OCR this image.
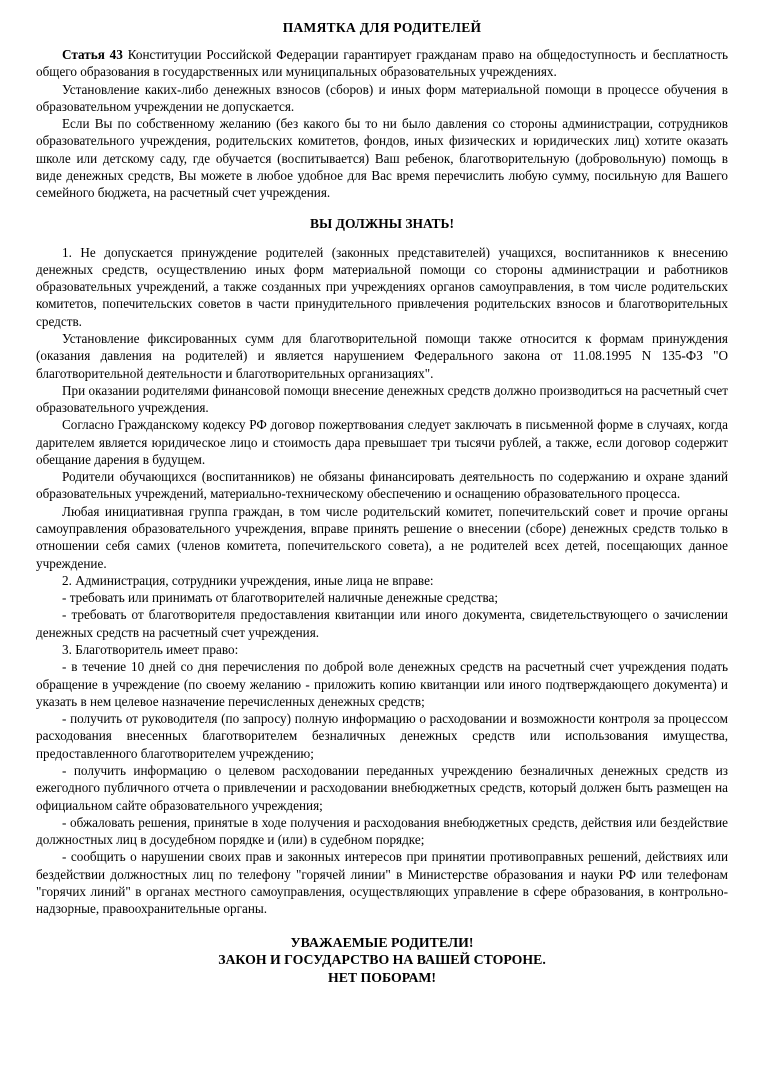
ПАМЯТКА ДЛЯ РОДИТЕЛЕЙ

Статья 43 Конституции Российской Федерации гарантирует гражданам право на общедоступность и бесплатность общего образования в государственных или муниципальных образовательных учреждениях.

Установление каких-либо денежных взносов (сборов) и иных форм материальной помощи в процессе обучения в образовательном учреждении не допускается.

Если Вы по собственному желанию (без какого бы то ни было давления со стороны администрации, сотрудников образовательного учреждения, родительских комитетов, фондов, иных физических и юридических лиц) хотите оказать школе или детскому саду, где обучается (воспитывается) Ваш ребенок, благотворительную (добровольную) помощь в виде денежных средств, Вы можете в любое удобное для Вас время перечислить любую сумму, посильную для Вашего семейного бюджета, на расчетный счет учреждения.

ВЫ ДОЛЖНЫ ЗНАТЬ!

1. Не допускается принуждение родителей (законных представителей) учащихся, воспитанников к внесению денежных средств, осуществлению иных форм материальной помощи со стороны администрации и работников образовательных учреждений, а также созданных при учреждениях органов самоуправления, в том числе родительских комитетов, попечительских советов в части принудительного привлечения родительских взносов и благотворительных средств.

Установление фиксированных сумм для благотворительной помощи также относится к формам принуждения (оказания давления на родителей) и является нарушением Федерального закона от 11.08.1995 N 135-ФЗ "О благотворительной деятельности и благотворительных организациях".

При оказании родителями финансовой помощи внесение денежных средств должно производиться на расчетный счет образовательного учреждения.

Согласно Гражданскому кодексу РФ договор пожертвования следует заключать в письменной форме в случаях, когда дарителем является юридическое лицо и стоимость дара превышает три тысячи рублей, а также, если договор содержит обещание дарения в будущем.

Родители обучающихся (воспитанников) не обязаны финансировать деятельность по содержанию и охране зданий образовательных учреждений, материально-техническому обеспечению и оснащению образовательного процесса.

Любая инициативная группа граждан, в том числе родительский комитет, попечительский совет и прочие органы самоуправления образовательного учреждения, вправе принять решение о внесении (сборе) денежных средств только в отношении себя самих (членов комитета, попечительского совета), а не родителей всех детей, посещающих данное учреждение.

2. Администрация, сотрудники учреждения, иные лица не вправе:

- требовать или принимать от благотворителей наличные денежные средства;

- требовать от благотворителя предоставления квитанции или иного документа, свидетельствующего о зачислении денежных средств на расчетный счет учреждения.

3. Благотворитель имеет право:

- в течение 10 дней со дня перечисления по доброй воле денежных средств на расчетный счет учреждения подать обращение в учреждение (по своему желанию - приложить копию квитанции или иного подтверждающего документа) и указать в нем целевое назначение перечисленных денежных средств;

- получить от руководителя (по запросу) полную информацию о расходовании и возможности контроля за процессом расходования внесенных благотворителем безналичных денежных средств или использования имущества, предоставленного благотворителем учреждению;

- получить информацию о целевом расходовании переданных учреждению безналичных денежных средств из ежегодного публичного отчета о привлечении и расходовании внебюджетных средств, который должен быть размещен на официальном сайте образовательного учреждения;

- обжаловать решения, принятые в ходе получения и расходования внебюджетных средств, действия или бездействие должностных лиц в досудебном порядке и (или) в судебном порядке;

- сообщить о нарушении своих прав и законных интересов при принятии противоправных решений, действиях или бездействии должностных лиц по телефону "горячей линии" в Министерстве образования и науки РФ или телефонам "горячих линий" в органах местного самоуправления, осуществляющих управление в сфере образования, в контрольно-надзорные, правоохранительные органы.

УВАЖАЕМЫЕ РОДИТЕЛИ!
ЗАКОН И ГОСУДАРСТВО НА ВАШЕЙ СТОРОНЕ.
НЕТ ПОБОРАМ!
